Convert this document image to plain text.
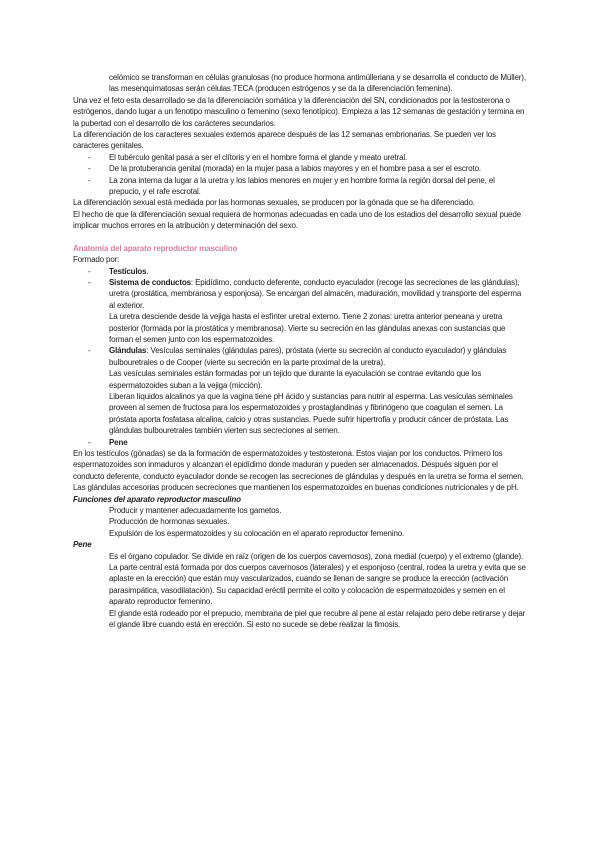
celómico se transforman en células granulosas (no produce hormona antimülleriana y se desarrolla el conducto de Müller), las mesenquimatosas serán células TECA (producen estrógenos y se da la diferenciación femenina).

Una vez el feto esta desarrollado se da la diferenciación somática y la diferenciación del SN, condicionados por la testosterona o estrógenos, dando lugar a un fenotipo masculino o femenino (sexo fenotípico). Empieza a las 12 semanas de gestación y termina en la pubertad con el desarrollo de los carácteres secundarios.

La diferenciación de los caracteres sexuales externos aparece después de las 12 semanas embrionarias. Se pueden ver los caracteres genitales.

- El tubérculo genital pasa a ser el clítoris y en el hombre forma el glande y meato uretral.
- De la protuberancia genital (morada) en la mujer pasa a labios mayores y en el hombre pasa a ser el escroto.
- La zona interna da lugar a la uretra y los labios menores en mujer y en hombre forma la región dorsal del pene, el prepucio, y el rafe escrotal.

La diferenciación sexual está mediada por las hormonas sexuales, se producen por la gónada que se ha diferenciado.

El hecho de que la diferenciación sexual requiera de hormonas adecuadas en cada uno de los estadios del desarrollo sexual puede implicar muchos errores en la atribución y determinación del sexo.

Anatomía del aparato reproductor masculino

Formado por:

- Testículos.
- Sistema de conductos: Epidídimo, conducto deferente, conducto eyaculador (recoge las secreciones de las glándulas), uretra (prostática, membranosa y esponjosa). Se encargan del almacén, maduración, movilidad y transporte del esperma al exterior.

La uretra desciende desde la vejiga hasta el esfínter uretral externo. Tiene 2 zonas: uretra anterior peneana y uretra posterior (formada por la prostática y membranosa). Vierte su secreción en las glándulas anexas con sustancias que forman el semen junto con los espermatozoides.

- Glándulas: Vesículas seminales (glándulas pares), próstata (vierte su secreción al conducto eyaculador) y glándulas bulbouretrales o de Cooper (vierte su secreción en la parte proximal de la uretra).

Las vesículas seminales están formadas por un tejido que durante la eyaculación se contrae evitando que los espermatozoides suban a la vejiga (micción).

Liberan líquidos alcalinos ya que la vagina tiene pH ácido y sustancias para nutrir al esperma. Las vesículas seminales proveen al semen de fructosa para los espermatozoides y prostaglandinas y fibrinógeno que coagulan el semen. La próstata aporta fosfatasa alcalina, calcio y otras sustancias. Puede sufrir hipertrofia y producir cáncer de próstata. Las glándulas bulbouretrales también vierten sus secreciones al semen.

- Pene

En los testículos (gónadas) se da la formación de espermatozoides y testosterona. Estos viajan por los conductos. Primero los espermatozoides son inmaduros y alcanzan el epidídimo donde maduran y pueden ser almacenados. Después siguen por el conducto deferente, conducto eyaculador donde se recogen las secreciones de glándulas y después en la uretra se forma el semen. Las glándulas accesorias producen secreciones que mantienen los espermatozoides en buenas condiciones nutricionales y de pH.

Funciones del aparato reproductor masculino

Producir y mantener adecuadamente los gametos.

Producción de hormonas sexuales.

Expulsión de los espermatozoides y su colocación en el aparato reproductor femenino.

Pene

Es el órgano copulador. Se divide en raíz (origen de los cuerpos cavernosos), zona medial (cuerpo) y el extremo (glande). La parte central está formada por dos cuerpos cavernosos (laterales) y el esponjoso (central, rodea la uretra y evita que se aplaste en la erección) que están muy vascularizados, cuando se llenan de sangre se produce la erección (activación parasimpática, vasodilatación). Su capacidad eréctil permite el coito y colocación de espermatozoides y semen en el aparato reproductor femenino.

El glande está rodeado por el prepucio, membrana de piel que recubre al pene al estar relajado pero debe retirarse y dejar el glande libre cuando está en erección. Si esto no sucede se debe realizar la fimosis.
